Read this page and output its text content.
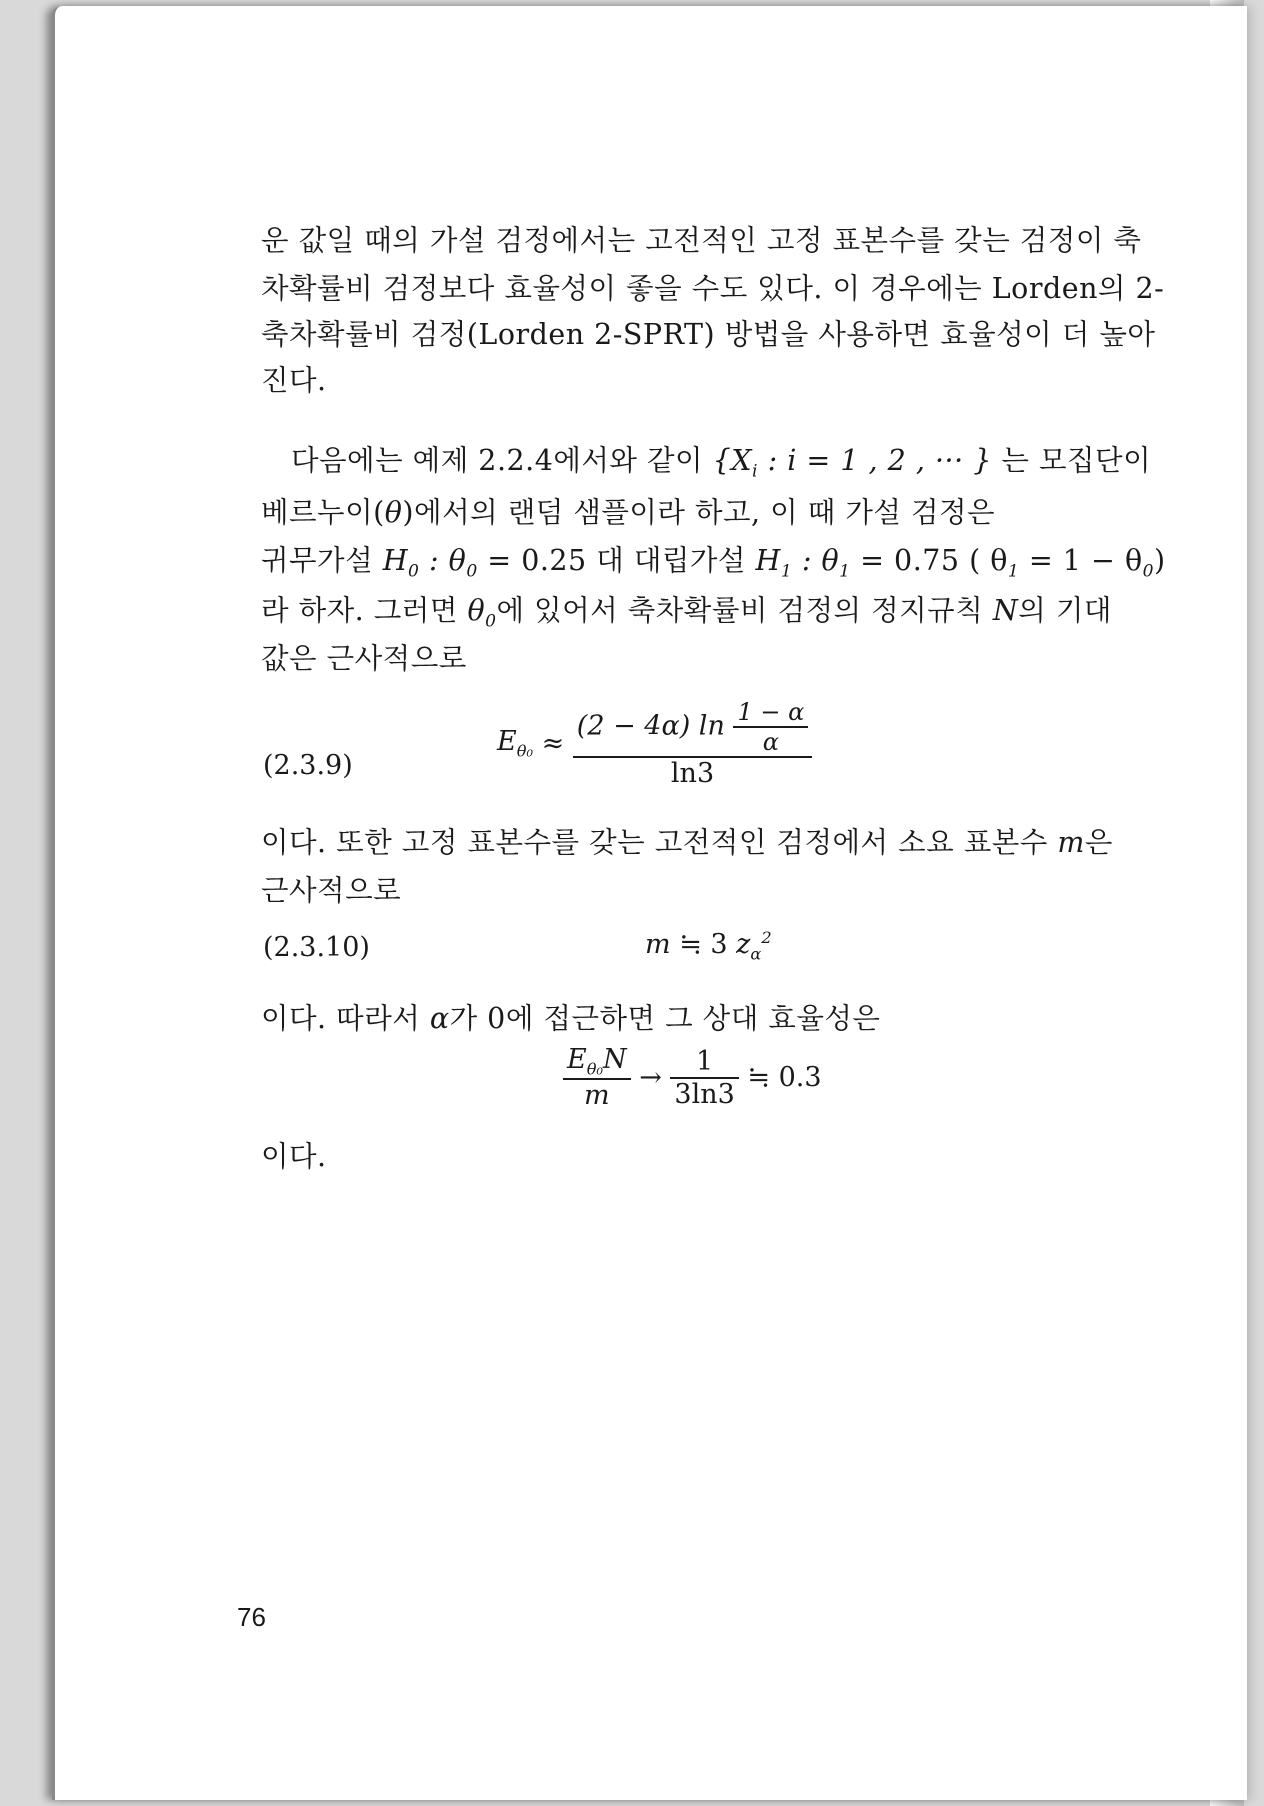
운 값일 때의 가설 검정에서는 고전적인 고정 표본수를 갖는 검정이 축
차확률비 검정보다 효율성이 좋을 수도 있다. 이 경우에는 Lorden의 2-
축차확률비 검정(Lorden 2-SPRT) 방법을 사용하면 효율성이 더 높아
진다.
다음에는 예제 2.2.4에서와 같이 {$X_i$ : i = 1 , 2 , ··· } 는 모집단이
베르누이(θ)에서의 랜덤 샘플이라 하고, 이 때 가설 검정은
귀무가설 $H_0$ : $\theta_0 = 0.25$ 대 대립가설 $H_1$ : $\theta_1 = 0.75$ ( $\theta_1 = 1 - \theta_0$)
라 하자. 그러면 $\theta_0$에 있어서 축차확률비 검정의 정지규칙 N의 기대
값은 근사적으로
(2.3.9)
$E_{\theta_0} \approx \frac{(2 - 4\alpha) \ln \frac{1 - \alpha}{\alpha}}{\ln 3}$
이다. 또한 고정 표본수를 갖는 고전적인 검정에서 소요 표본수 m은
근사적으로
(2.3.10)	m ≒ 3 $z_\alpha^2$
이다. 따라서 α가 0에 접근하면 그 상대 효율성은
$\frac{E_{\theta_0}N}{m} \to \frac{1}{3\ln 3}$ ≒ 0.3
이다.
76
